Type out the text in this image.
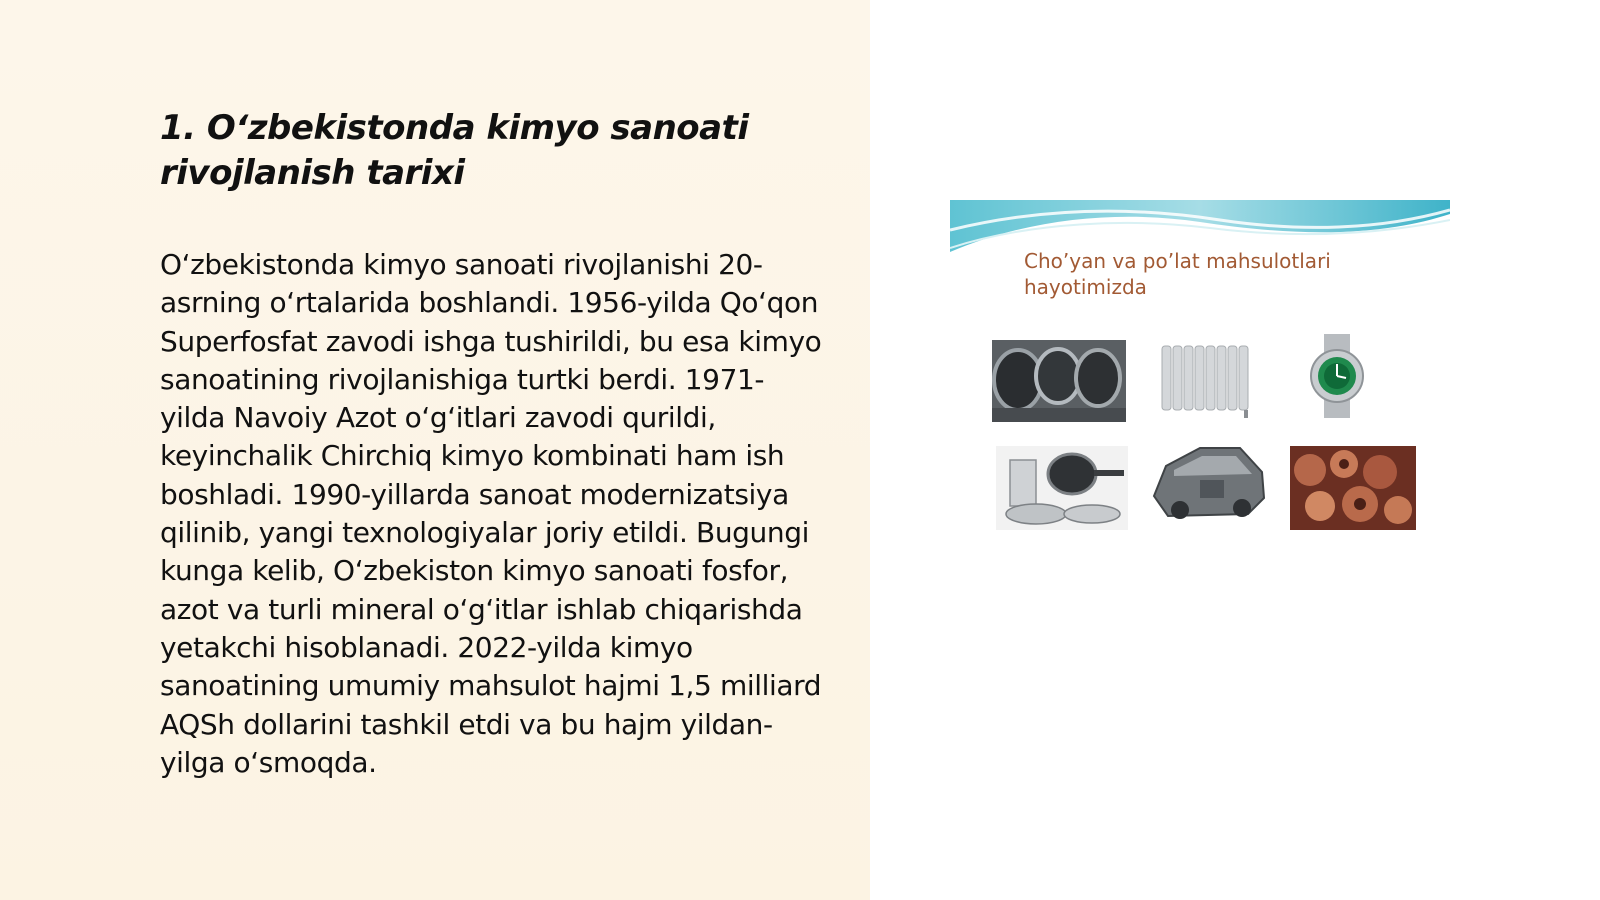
1. O‘zbekistonda kimyo sanoati rivojlanish tarixi

O‘zbekistonda kimyo sanoati rivojlanishi 20-asrning o‘rtalarida boshlandi. 1956-yilda Qo‘qon Superfosfat zavodi ishga tushirildi, bu esa kimyo sanoatining rivojlanishiga turtki berdi. 1971-yilda Navoiy Azot o‘g‘itlari zavodi qurildi, keyinchalik Chirchiq kimyo kombinati ham ish boshladi. 1990-yillarda sanoat modernizatsiya qilinib, yangi texnologiyalar joriy etildi. Bugungi kunga kelib, O‘zbekiston kimyo sanoati fosfor, azot va turli mineral o‘g‘itlar ishlab chiqarishda yetakchi hisoblanadi. 2022-yilda kimyo sanoatining umumiy mahsulot hajmi 1,5 milliard AQSh dollarini tashkil etdi va bu hajm yildan-yilga o‘smoqda.

Cho’yan va po’lat mahsulotlari hayotimizda
